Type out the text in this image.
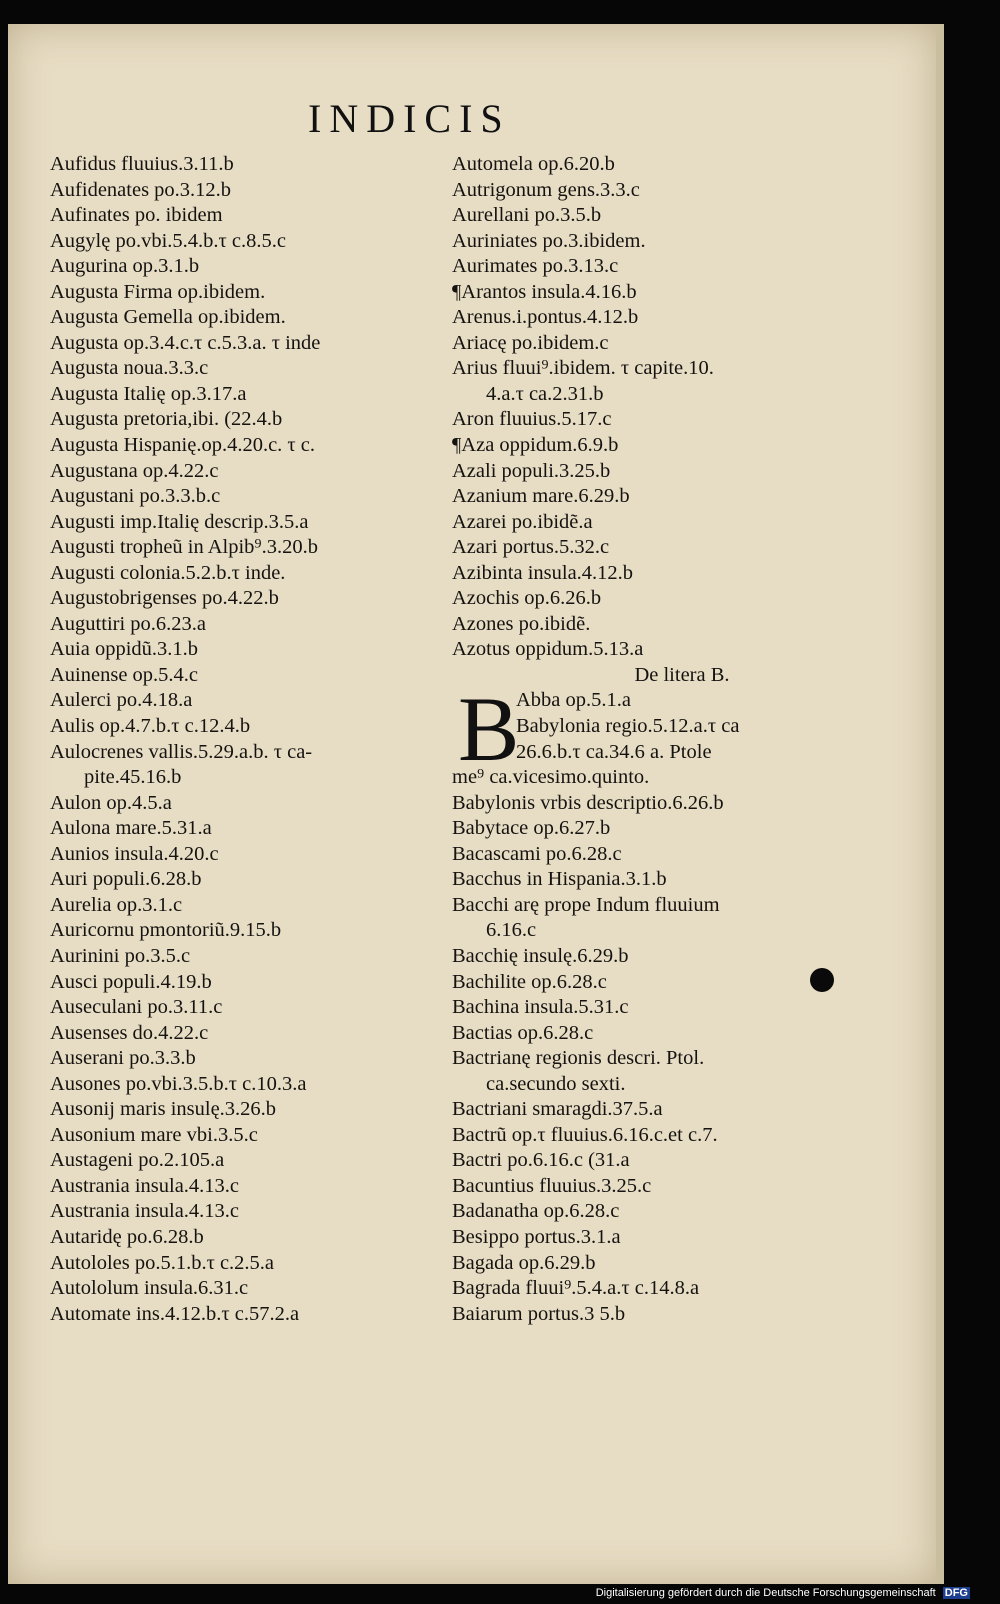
INDICIS
Aufidus fluuius.3.11.b
Aufidenates po.3.12.b
Aufinates po. ibidem
Augylę po.vbi.5.4.b.τ c.8.5.c
Augurina op.3.1.b
Augusta Firma op.ibidem.
Augusta Gemella op.ibidem.
Augusta op.3.4.c.τ c.5.3.a. τ inde
Augusta noua.3.3.c
Augusta Italię op.3.17.a
Augusta pretoria,ibi. (22.4.b
Augusta Hispanię.op.4.20.c. τ c.
Augustana op.4.22.c
Augustani po.3.3.b.c
Augusti imp.Italię descrip.3.5.a
Augusti tropheũ in Alpib⁹.3.20.b
Augusti colonia.5.2.b.τ inde.
Augustobrigenses po.4.22.b
Auguttiri po.6.23.a
Auia oppidũ.3.1.b
Auinense op.5.4.c
Aulerci po.4.18.a
Aulis op.4.7.b.τ c.12.4.b
Aulocrenes vallis.5.29.a.b. τ ca-
pite.45.16.b
Aulon op.4.5.a
Aulona mare.5.31.a
Aunios insula.4.20.c
Auri populi.6.28.b
Aurelia op.3.1.c
Auricornu pmontoriũ.9.15.b
Aurinini po.3.5.c
Ausci populi.4.19.b
Auseculani po.3.11.c
Ausenses do.4.22.c
Auserani po.3.3.b
Ausones po.vbi.3.5.b.τ c.10.3.a
Ausonij maris insulę.3.26.b
Ausonium mare vbi.3.5.c
Austageni po.2.105.a
Austrania insula.4.13.c
Austrania insula.4.13.c
Autaridę po.6.28.b
Autololes po.5.1.b.τ c.2.5.a
Autololum insula.6.31.c
Automate ins.4.12.b.τ c.57.2.a
Automela op.6.20.b
Autrigonum gens.3.3.c
Aurellani po.3.5.b
Auriniates po.3.ibidem.
Aurimates po.3.13.c
¶Arantos insula.4.16.b
Arenus.i.pontus.4.12.b
Ariacę po.ibidem.c
Arius fluui⁹.ibidem. τ capite.10.
4.a.τ ca.2.31.b
Aron fluuius.5.17.c
¶Aza oppidum.6.9.b
Azali populi.3.25.b
Azanium mare.6.29.b
Azarei po.ibidẽ.a
Azari portus.5.32.c
Azibinta insula.4.12.b
Azochis op.6.26.b
Azones po.ibidẽ.
Azotus oppidum.5.13.a
De litera B.
Abba op.5.1.a
Babylonia regio.5.12.a.τ ca
26.6.b.τ ca.34.6 a. Ptole
me⁹ ca.vicesimo.quinto.
Babylonis vrbis descriptio.6.26.b
Babytace op.6.27.b
Bacascami po.6.28.c
Bacchus in Hispania.3.1.b
Bacchi arę prope Indum fluuium
6.16.c
Bacchię insulę.6.29.b
Bachilite op.6.28.c
Bachina insula.5.31.c
Bactias op.6.28.c
Bactrianę regionis descri. Ptol.
ca.secundo sexti.
Bactriani smaragdi.37.5.a
Bactrũ op.τ fluuius.6.16.c.et c.7.
Bactri po.6.16.c (31.a
Bacuntius fluuius.3.25.c
Badanatha op.6.28.c
Besippo portus.3.1.a
Bagada op.6.29.b
Bagrada fluui⁹.5.4.a.τ c.14.8.a
Baiarum portus.3 5.b
B
Digitalisierung gefördert durch die Deutsche Forschungsgemeinschaft DFG
